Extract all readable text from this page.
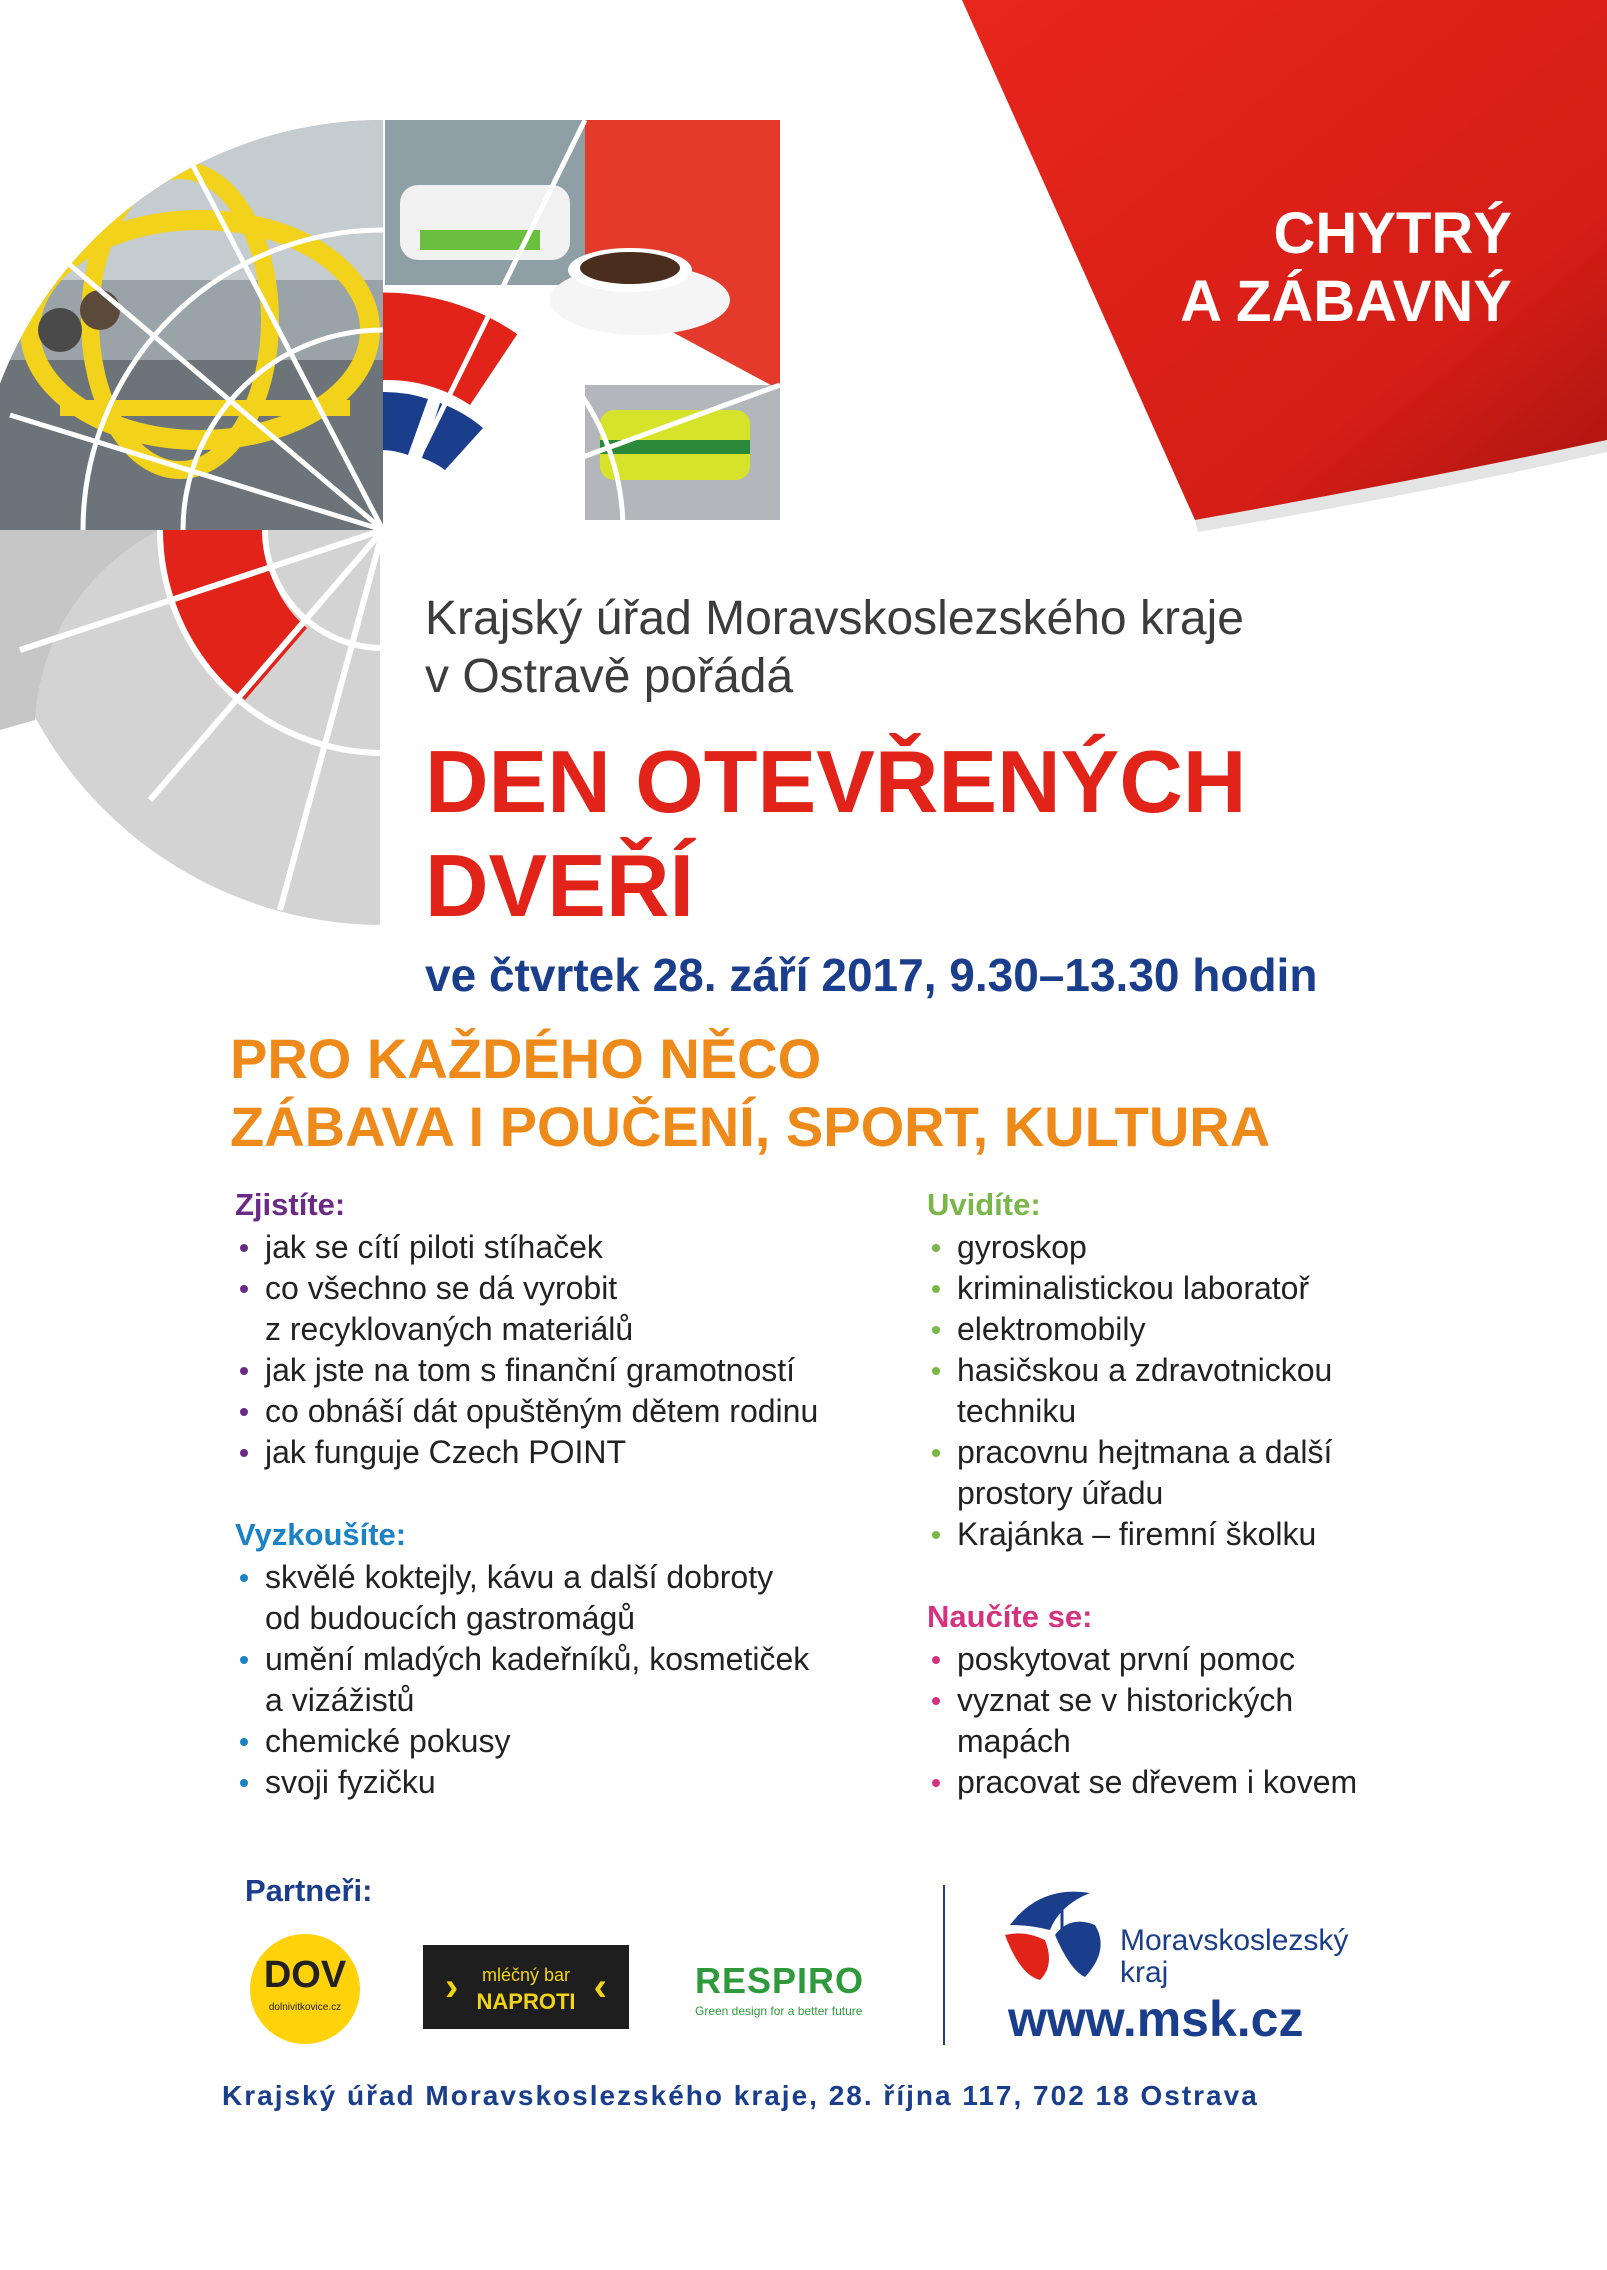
CHYTRÝ
A ZÁBAVNÝ
Krajský úřad Moravskoslezského kraje
v Ostravě pořádá
DEN OTEVŘENÝCH
DVEŘÍ
ve čtvrtek 28. září 2017, 9.30–13.30 hodin
PRO KAŽDÉHO NĚCO
ZÁBAVA I POUČENÍ, SPORT, KULTURA
Zjistíte:
jak se cítí piloti stíhaček
co všechno se dá vyrobit
z recyklovaných materiálů
jak jste na tom s finanční gramotností
co obnáší dát opuštěným dětem rodinu
jak funguje Czech POINT
Vyzkoušíte:
skvělé koktejly, kávu a další dobroty
od budoucích gastromágů
umění mladých kadeřníků, kosmetiček
a vizážistů
chemické pokusy
svoji fyzičku
Uvidíte:
gyroskop
kriminalistickou laboratoř
elektromobily
hasičskou a zdravotnickou
techniku
pracovnu hejtmana a další
prostory úřadu
Krajánka – firemní školku
Naučíte se:
poskytovat první pomoc
vyznat se v historických
mapách
pracovat se dřevem i kovem
Partneři:
DOV
dolnivitkovice.cz	›	‹
mléčný bar
NAPROTI
RESPIRO
Green design for a better future
Moravskoslezský
kraj
www.msk.cz
Krajský úřad Moravskoslezského kraje, 28. října 117, 702 18 Ostrava
